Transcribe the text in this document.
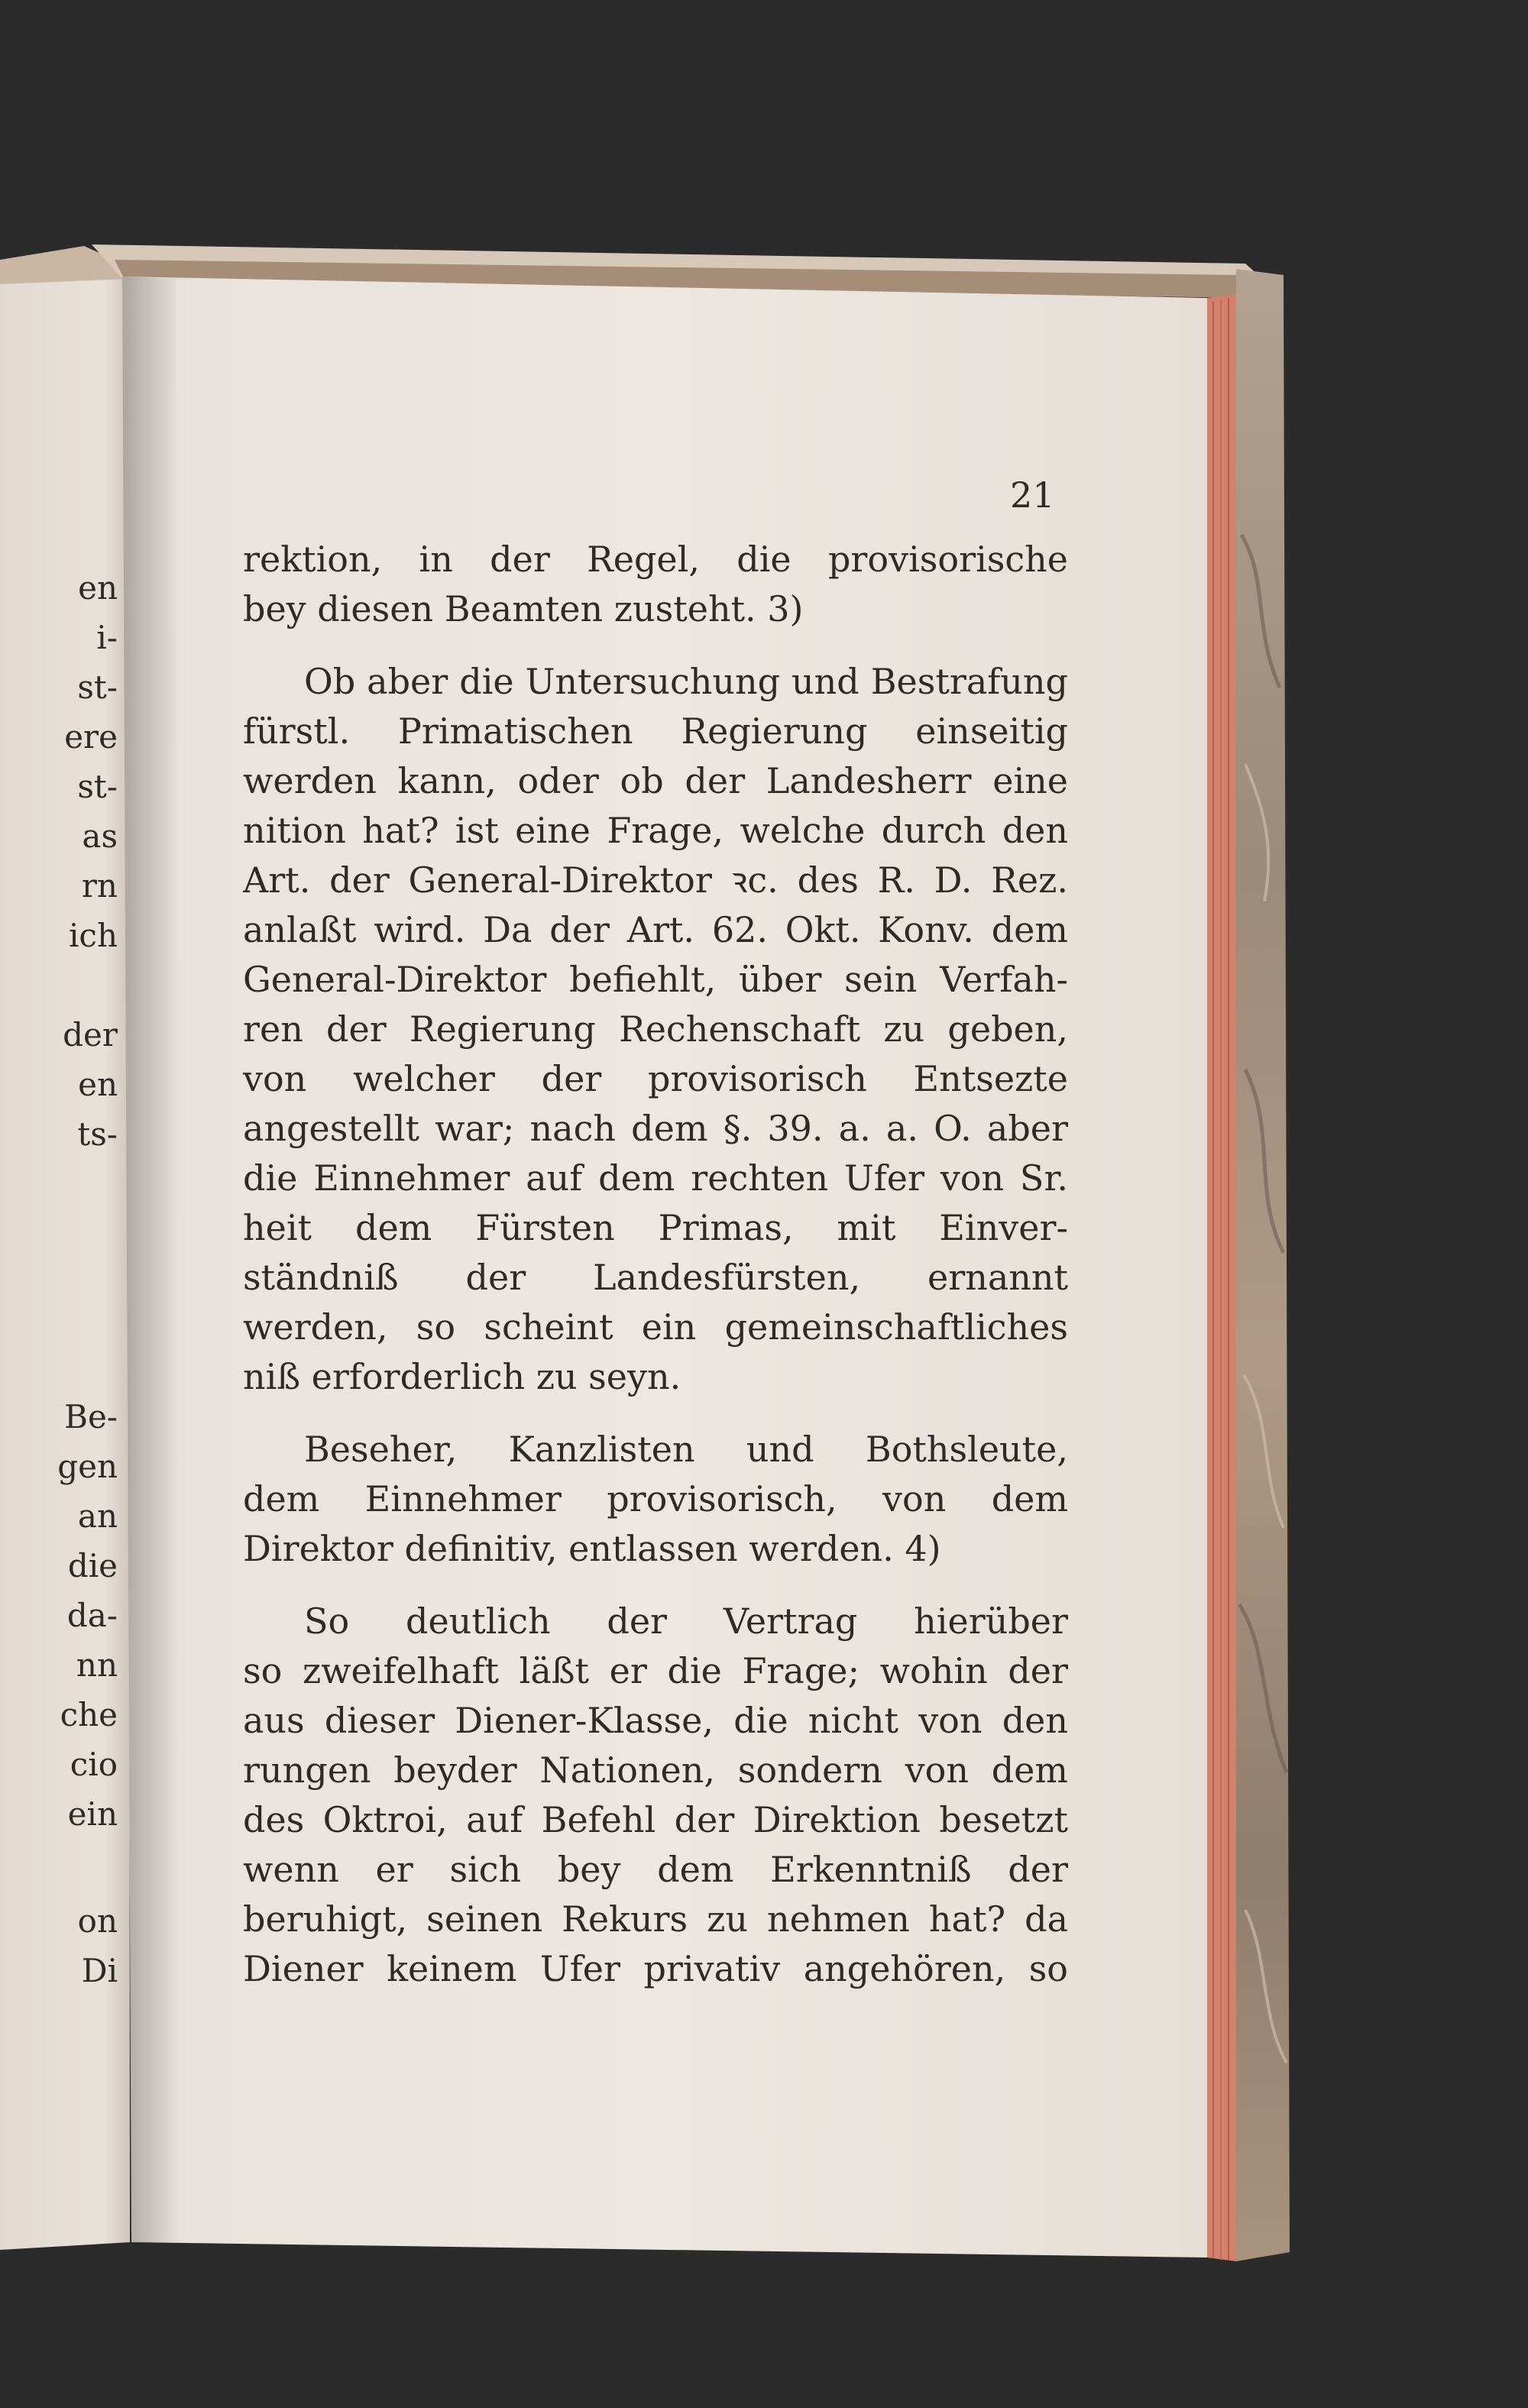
en
i-
st-
ere
st-
as
rn
ich
der
en
ts-
Be-
gen
an
die
da-
nn
che
cio
ein
on
Di
21
rektion, in der Regel, die provisorische
bey diesen Beamten zusteht. 3)
Ob aber die Untersuchung und Bestrafung
fürstl. Primatischen Regierung einseitig
werden kann, oder ob der Landesherr eine
nition hat? ist eine Frage, welche durch den
Art. der General-Direktor ꝛc. des R. D. Rez.
anlaßt wird. Da der Art. 62. Okt. Konv. dem
General-Direktor befiehlt, über sein Verfah-
ren der Regierung Rechenschaft zu geben,
von welcher der provisorisch Entsezte
angestellt war; nach dem §. 39. a. a. O. aber
die Einnehmer auf dem rechten Ufer von Sr.
heit dem Fürsten Primas, mit Einver-
ständniß der Landesfürsten, ernannt
werden, so scheint ein gemeinschaftliches
niß erforderlich zu seyn.
Beseher, Kanzlisten und Bothsleute,
dem Einnehmer provisorisch, von dem
Direktor definitiv, entlassen werden. 4)
So deutlich der Vertrag hierüber
so zweifelhaft läßt er die Frage; wohin der
aus dieser Diener-Klasse, die nicht von den
rungen beyder Nationen, sondern von dem
des Oktroi, auf Befehl der Direktion besetzt
wenn er sich bey dem Erkenntniß der
beruhigt, seinen Rekurs zu nehmen hat? da
Diener keinem Ufer privativ angehören, so
